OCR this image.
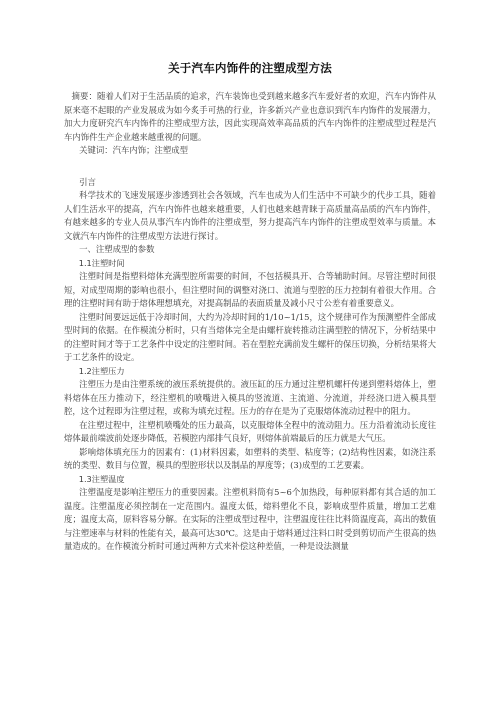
关于汽车内饰件的注塑成型方法

摘要：随着人们对于生活品质的追求，汽车装饰也受到越来越多汽车爱好者的欢迎，汽车内饰件从原来毫不起眼的产业发展成为如今炙手可热的行业，许多新兴产业也意识到汽车内饰件的发展潜力，加大力度研究汽车内饰件的注塑成型方法，因此实现高效率高品质的汽车内饰件的注塑成型过程是汽车内饰件生产企业越来越重视的问题。

关键词：汽车内饰；注塑成型

引言

科学技术的飞速发展逐步渗透到社会各领域，汽车也成为人们生活中不可缺少的代步工具，随着人们生活水平的提高，汽车内饰件也越来越重要，人们也越来越青睐于高质量高品质的汽车内饰件，有越来越多的专业人员从事汽车内饰件的注塑成型，努力提高汽车内饰件的注塑成型效率与质量。本文就汽车内饰件的注塑成型方法进行探讨。

一、注塑成型的参数

1.1注塑时间

注塑时间是指塑料熔体充满型腔所需要的时间，不包括模具开、合等辅助时间。尽管注塑时间很短，对成型周期的影响也很小，但注塑时间的调整对浇口、流道与型腔的压力控制有着很大作用。合理的注塑时间有助于熔体理想填充，对提高制品的表面质量及减小尺寸公差有着重要意义。

注塑时间要远远低于冷却时间，大约为冷却时间的1/10~1/15，这个规律可作为预测塑件全部成型时间的依据。在作模流分析时，只有当熔体完全是由螺杆旋转推动注满型腔的情况下，分析结果中的注塑时间才等于工艺条件中设定的注塑时间。若在型腔充满前发生螺杆的保压切换，分析结果将大于工艺条件的设定。

1.2注塑压力

注塑压力是由注塑系统的液压系统提供的。液压缸的压力通过注塑机螺杆传递到塑料熔体上，塑料熔体在压力推动下，经注塑机的喷嘴进入模具的竖流道、主流道、分流道，并经浇口进入模具型腔，这个过程即为注塑过程，或称为填充过程。压力的存在是为了克服熔体流动过程中的阻力。

在注塑过程中，注塑机喷嘴处的压力最高，以克服熔体全程中的流动阻力。压力沿着流动长度往熔体最前端波前处逐步降低，若模腔内部排气良好，则熔体前端最后的压力就是大气压。

影响熔体填充压力的因素有：(1)材料因素，如塑料的类型、粘度等；(2)结构性因素，如浇注系统的类型、数目与位置，模具的型腔形状以及制品的厚度等；(3)成型的工艺要素。

1.3注塑温度

注塑温度是影响注塑压力的重要因素。注塑机料筒有5~6个加热段，每种原料都有其合适的加工温度。注塑温度必须控制在一定范围内。温度太低，熔料塑化不良，影响成型件质量，增加工艺难度；温度太高，原料容易分解。在实际的注塑成型过程中，注塑温度往往比料筒温度高，高出的数值与注塑速率与材料的性能有关，最高可达30℃。这是由于熔料通过注料口时受到剪切而产生很高的热量造成的。在作模流分析时可通过两种方式来补偿这种差值，一种是设法测量
